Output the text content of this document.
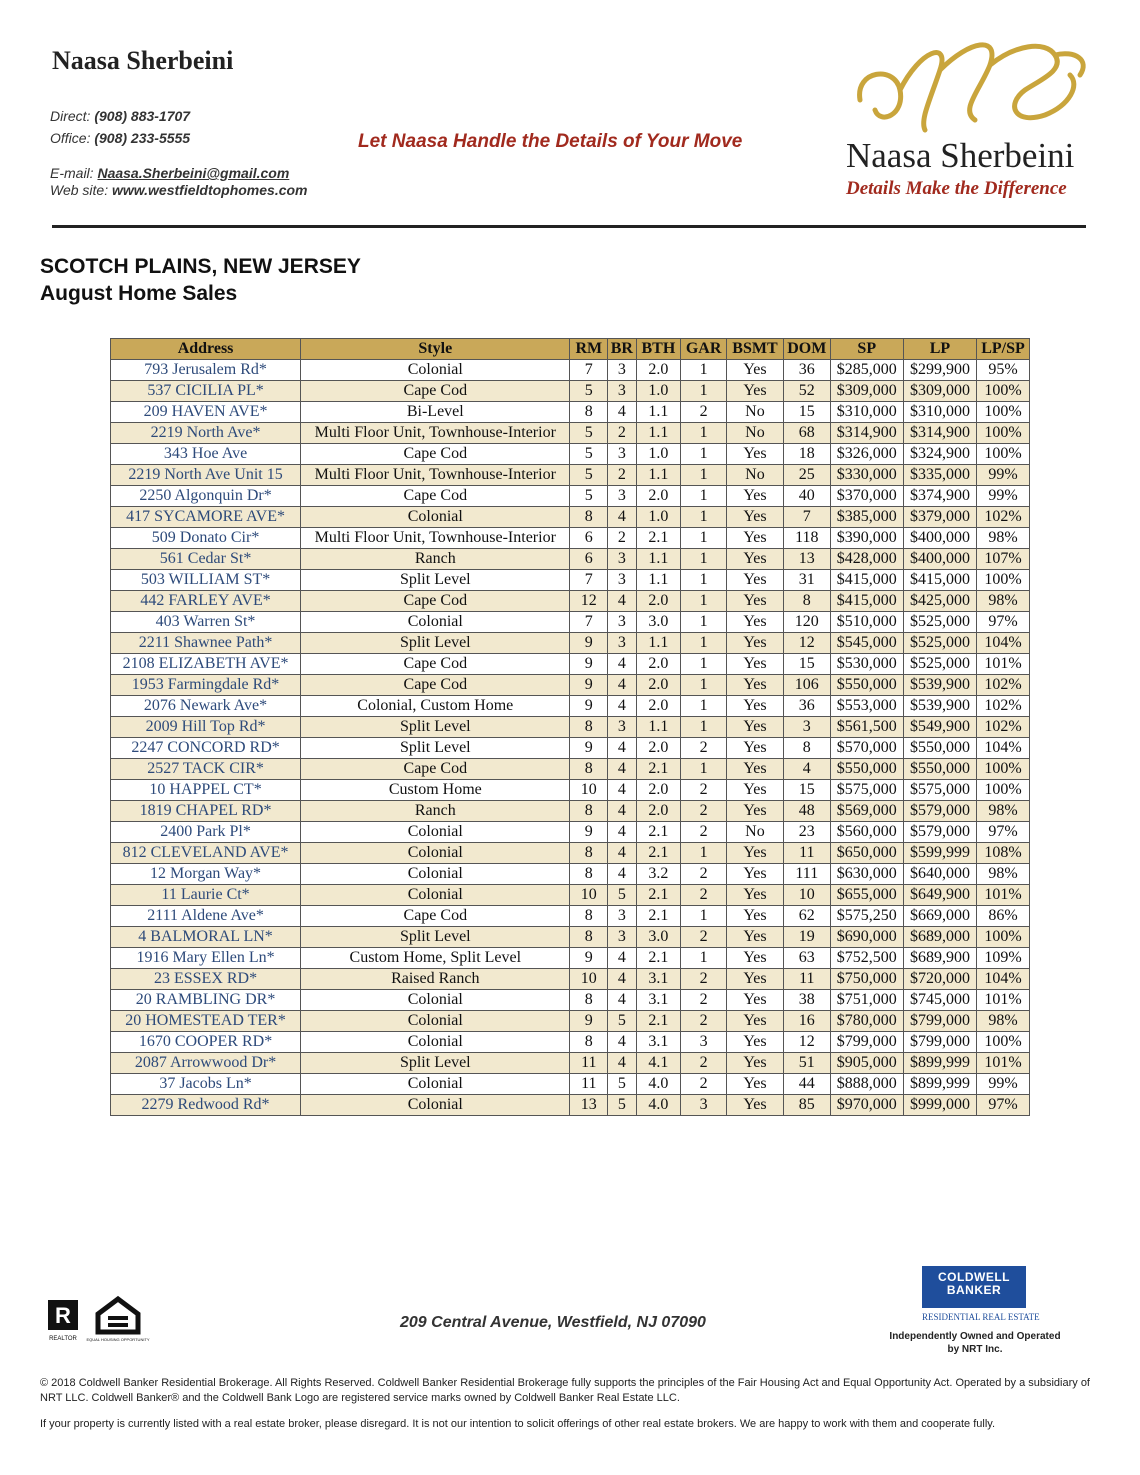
Naasa Sherbeini
Direct: (908) 883-1707
Office: (908) 233-5555
E-mail: Naasa.Sherbeini@gmail.com
Web site: www.westfieldtophomes.com
Let Naasa Handle the Details of Your Move	Naasa Sherbeini
Details Make the Difference
SCOTCH PLAINS, NEW JERSEY
August Home Sales
Address	Style	RM	BR	BTH	GAR	BSMT	DOM	SP	LP	LP/SP
793 Jerusalem Rd*	Colonial	7	3	2.0	1	Yes	36	$285,000	$299,900	95%
537 CICILIA PL*	Cape Cod	5	3	1.0	1	Yes	52	$309,000	$309,000	100%
209 HAVEN AVE*	Bi-Level	8	4	1.1	2	No	15	$310,000	$310,000	100%
2219 North Ave*	Multi Floor Unit, Townhouse-Interior	5	2	1.1	1	No	68	$314,900	$314,900	100%
343 Hoe Ave	Cape Cod	5	3	1.0	1	Yes	18	$326,000	$324,900	100%
2219 North Ave Unit 15	Multi Floor Unit, Townhouse-Interior	5	2	1.1	1	No	25	$330,000	$335,000	99%
2250 Algonquin Dr*	Cape Cod	5	3	2.0	1	Yes	40	$370,000	$374,900	99%
417 SYCAMORE AVE*	Colonial	8	4	1.0	1	Yes	7	$385,000	$379,000	102%
509 Donato Cir*	Multi Floor Unit, Townhouse-Interior	6	2	2.1	1	Yes	118	$390,000	$400,000	98%
561 Cedar St*	Ranch	6	3	1.1	1	Yes	13	$428,000	$400,000	107%
503 WILLIAM ST*	Split Level	7	3	1.1	1	Yes	31	$415,000	$415,000	100%
442 FARLEY AVE*	Cape Cod	12	4	2.0	1	Yes	8	$415,000	$425,000	98%
403 Warren St*	Colonial	7	3	3.0	1	Yes	120	$510,000	$525,000	97%
2211 Shawnee Path*	Split Level	9	3	1.1	1	Yes	12	$545,000	$525,000	104%
2108 ELIZABETH AVE*	Cape Cod	9	4	2.0	1	Yes	15	$530,000	$525,000	101%
1953 Farmingdale Rd*	Cape Cod	9	4	2.0	1	Yes	106	$550,000	$539,900	102%
2076 Newark Ave*	Colonial, Custom Home	9	4	2.0	1	Yes	36	$553,000	$539,900	102%
2009 Hill Top Rd*	Split Level	8	3	1.1	1	Yes	3	$561,500	$549,900	102%
2247 CONCORD RD*	Split Level	9	4	2.0	2	Yes	8	$570,000	$550,000	104%
2527 TACK CIR*	Cape Cod	8	4	2.1	1	Yes	4	$550,000	$550,000	100%
10 HAPPEL CT*	Custom Home	10	4	2.0	2	Yes	15	$575,000	$575,000	100%
1819 CHAPEL RD*	Ranch	8	4	2.0	2	Yes	48	$569,000	$579,000	98%
2400 Park Pl*	Colonial	9	4	2.1	2	No	23	$560,000	$579,000	97%
812 CLEVELAND AVE*	Colonial	8	4	2.1	1	Yes	11	$650,000	$599,999	108%
12 Morgan Way*	Colonial	8	4	3.2	2	Yes	111	$630,000	$640,000	98%
11 Laurie Ct*	Colonial	10	5	2.1	2	Yes	10	$655,000	$649,900	101%
2111 Aldene Ave*	Cape Cod	8	3	2.1	1	Yes	62	$575,250	$669,000	86%
4 BALMORAL LN*	Split Level	8	3	3.0	2	Yes	19	$690,000	$689,000	100%
1916 Mary Ellen Ln*	Custom Home, Split Level	9	4	2.1	1	Yes	63	$752,500	$689,900	109%
23 ESSEX RD*	Raised Ranch	10	4	3.1	2	Yes	11	$750,000	$720,000	104%
20 RAMBLING DR*	Colonial	8	4	3.1	2	Yes	38	$751,000	$745,000	101%
20 HOMESTEAD TER*	Colonial	9	5	2.1	2	Yes	16	$780,000	$799,000	98%
1670 COOPER RD*	Colonial	8	4	3.1	3	Yes	12	$799,000	$799,000	100%
2087 Arrowwood Dr*	Split Level	11	4	4.1	2	Yes	51	$905,000	$899,999	101%
37 Jacobs Ln*	Colonial	11	5	4.0	2	Yes	44	$888,000	$899,999	99%
2279 Redwood Rd*	Colonial	13	5	4.0	3	Yes	85	$970,000	$999,000	97%
R
REALTOR EQUAL HOUSING OPPORTUNITY
209 Central Avenue, Westfield, NJ 07090
COLDWELL
BANKER
RESIDENTIAL REAL ESTATE
Independently Owned and Operated by NRT Inc.
© 2018 Coldwell Banker Residential Brokerage. All Rights Reserved. Coldwell Banker Residential Brokerage fully supports the principles of the Fair Housing Act and Equal Opportunity Act. Operated by a subsidiary of NRT LLC. Coldwell Banker® and the Coldwell Bank Logo are registered service marks owned by Coldwell Banker Real Estate LLC.
If your property is currently listed with a real estate broker, please disregard. It is not our intention to solicit offerings of other real estate brokers. We are happy to work with them and cooperate fully.
